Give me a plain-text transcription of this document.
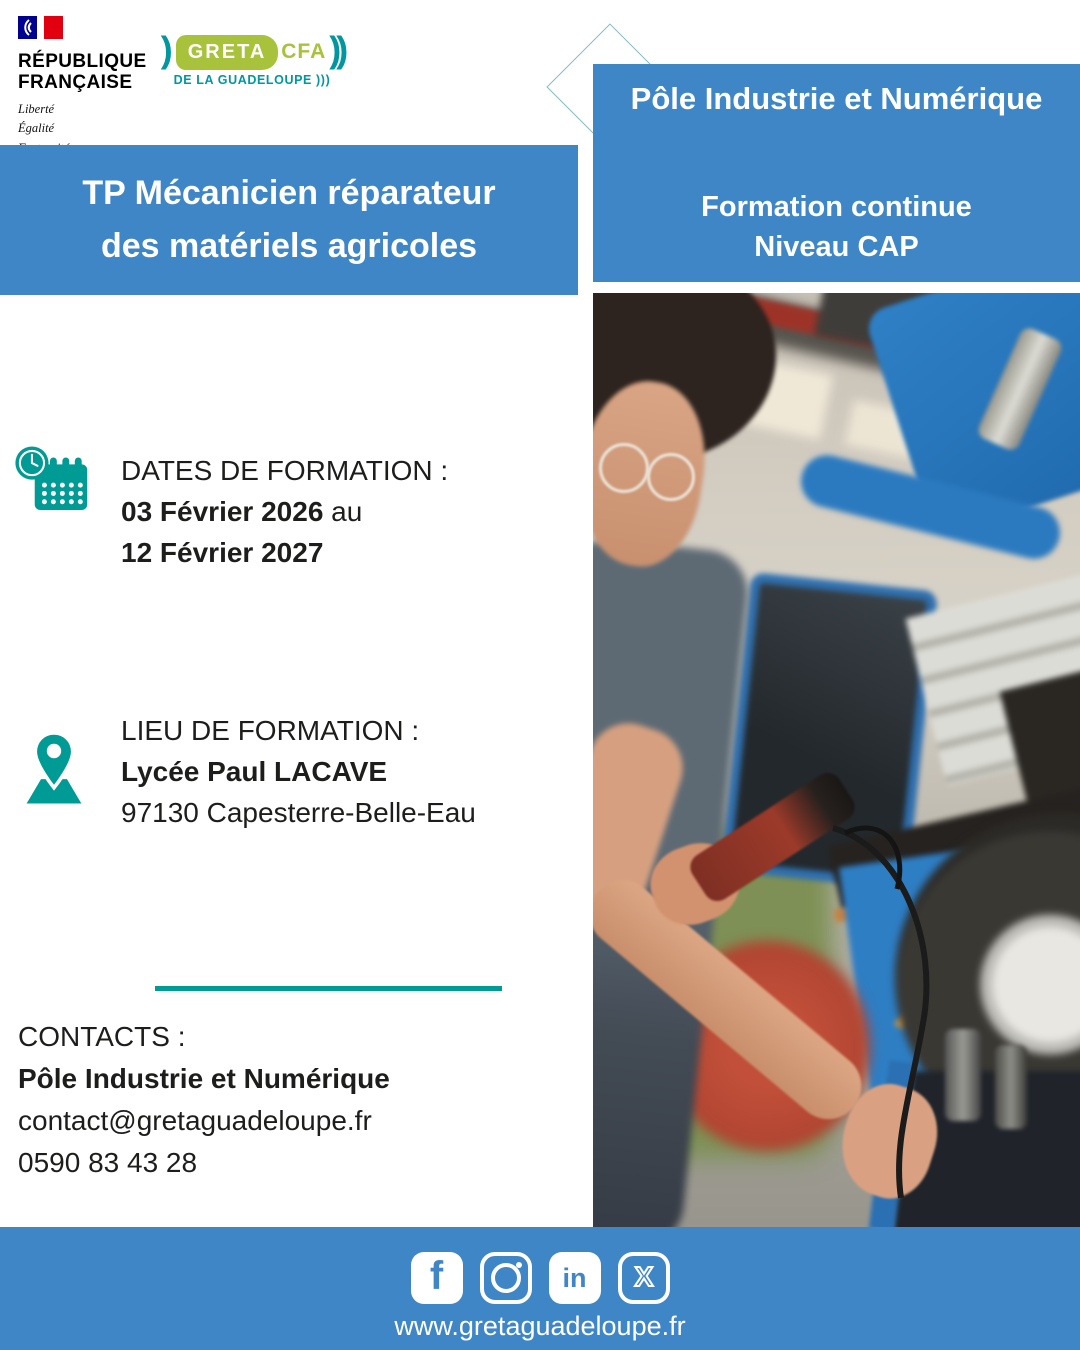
RÉPUBLIQUE
FRANÇAISE
Liberté
Égalité
) GRETA CFA ))
DE LA GUADELOUPE )))
Pôle Industrie et Numérique
Formation continue
Niveau CAP
TP Mécanicien réparateur
des matériels agricoles
DATES DE FORMATION :
03 Février 2026 au
12 Février 2027
LIEU DE FORMATION :
Lycée Paul LACAVE
97130 Capesterre-Belle-Eau
CONTACTS :
Pôle Industrie et Numérique
contact@gretaguadeloupe.fr
0590 83 43 28
f	in X
www.gretaguadeloupe.fr
